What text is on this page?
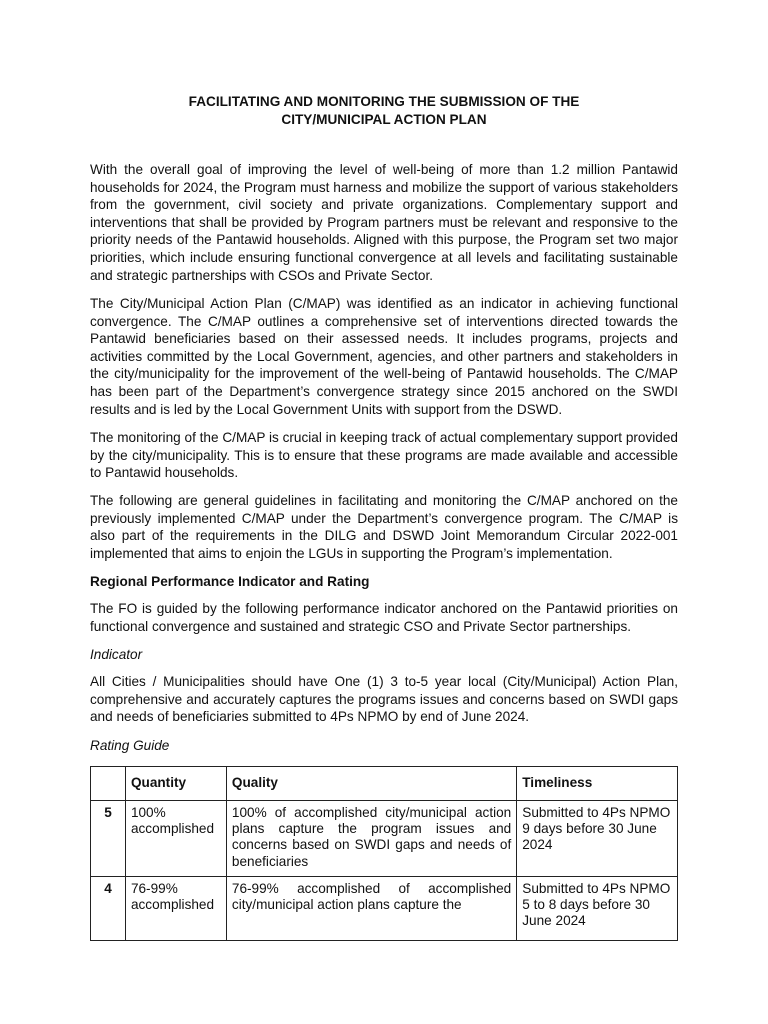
FACILITATING AND MONITORING THE SUBMISSION OF THE
CITY/MUNICIPAL ACTION PLAN

With the overall goal of improving the level of well-being of more than 1.2 million Pantawid households for 2024, the Program must harness and mobilize the support of various stakeholders from the government, civil society and private organizations. Complementary support and interventions that shall be provided by Program partners must be relevant and responsive to the priority needs of the Pantawid households. Aligned with this purpose, the Program set two major priorities, which include ensuring functional convergence at all levels and facilitating sustainable and strategic partnerships with CSOs and Private Sector.

The City/Municipal Action Plan (C/MAP) was identified as an indicator in achieving functional convergence. The C/MAP outlines a comprehensive set of interventions directed towards the Pantawid beneficiaries based on their assessed needs. It includes programs, projects and activities committed by the Local Government, agencies, and other partners and stakeholders in the city/municipality for the improvement of the well-being of Pantawid households. The C/MAP has been part of the Department’s convergence strategy since 2015 anchored on the SWDI results and is led by the Local Government Units with support from the DSWD.

The monitoring of the C/MAP is crucial in keeping track of actual complementary support provided by the city/municipality. This is to ensure that these programs are made available and accessible to Pantawid households.

The following are general guidelines in facilitating and monitoring the C/MAP anchored on the previously implemented C/MAP under the Department’s convergence program. The C/MAP is also part of the requirements in the DILG and DSWD Joint Memorandum Circular 2022-001 implemented that aims to enjoin the LGUs in supporting the Program’s implementation.

Regional Performance Indicator and Rating

The FO is guided by the following performance indicator anchored on the Pantawid priorities on functional convergence and sustained and strategic CSO and Private Sector partnerships.

Indicator

All Cities / Municipalities should have One (1) 3 to-5 year local (City/Municipal) Action Plan, comprehensive and accurately captures the programs issues and concerns based on SWDI gaps and needs of beneficiaries submitted to 4Ps NPMO by end of June 2024.

Rating Guide

	Quantity	Quality	Timeliness
5	100% accomplished	100% of accomplished city/municipal action plans capture the program issues and concerns based on SWDI gaps and needs of beneficiaries	Submitted to 4Ps NPMO 9 days before 30 June 2024
4	76-99% accomplished	76-99% accomplished of accomplished city/municipal action plans capture the	Submitted to 4Ps NPMO 5 to 8 days before 30 June 2024
